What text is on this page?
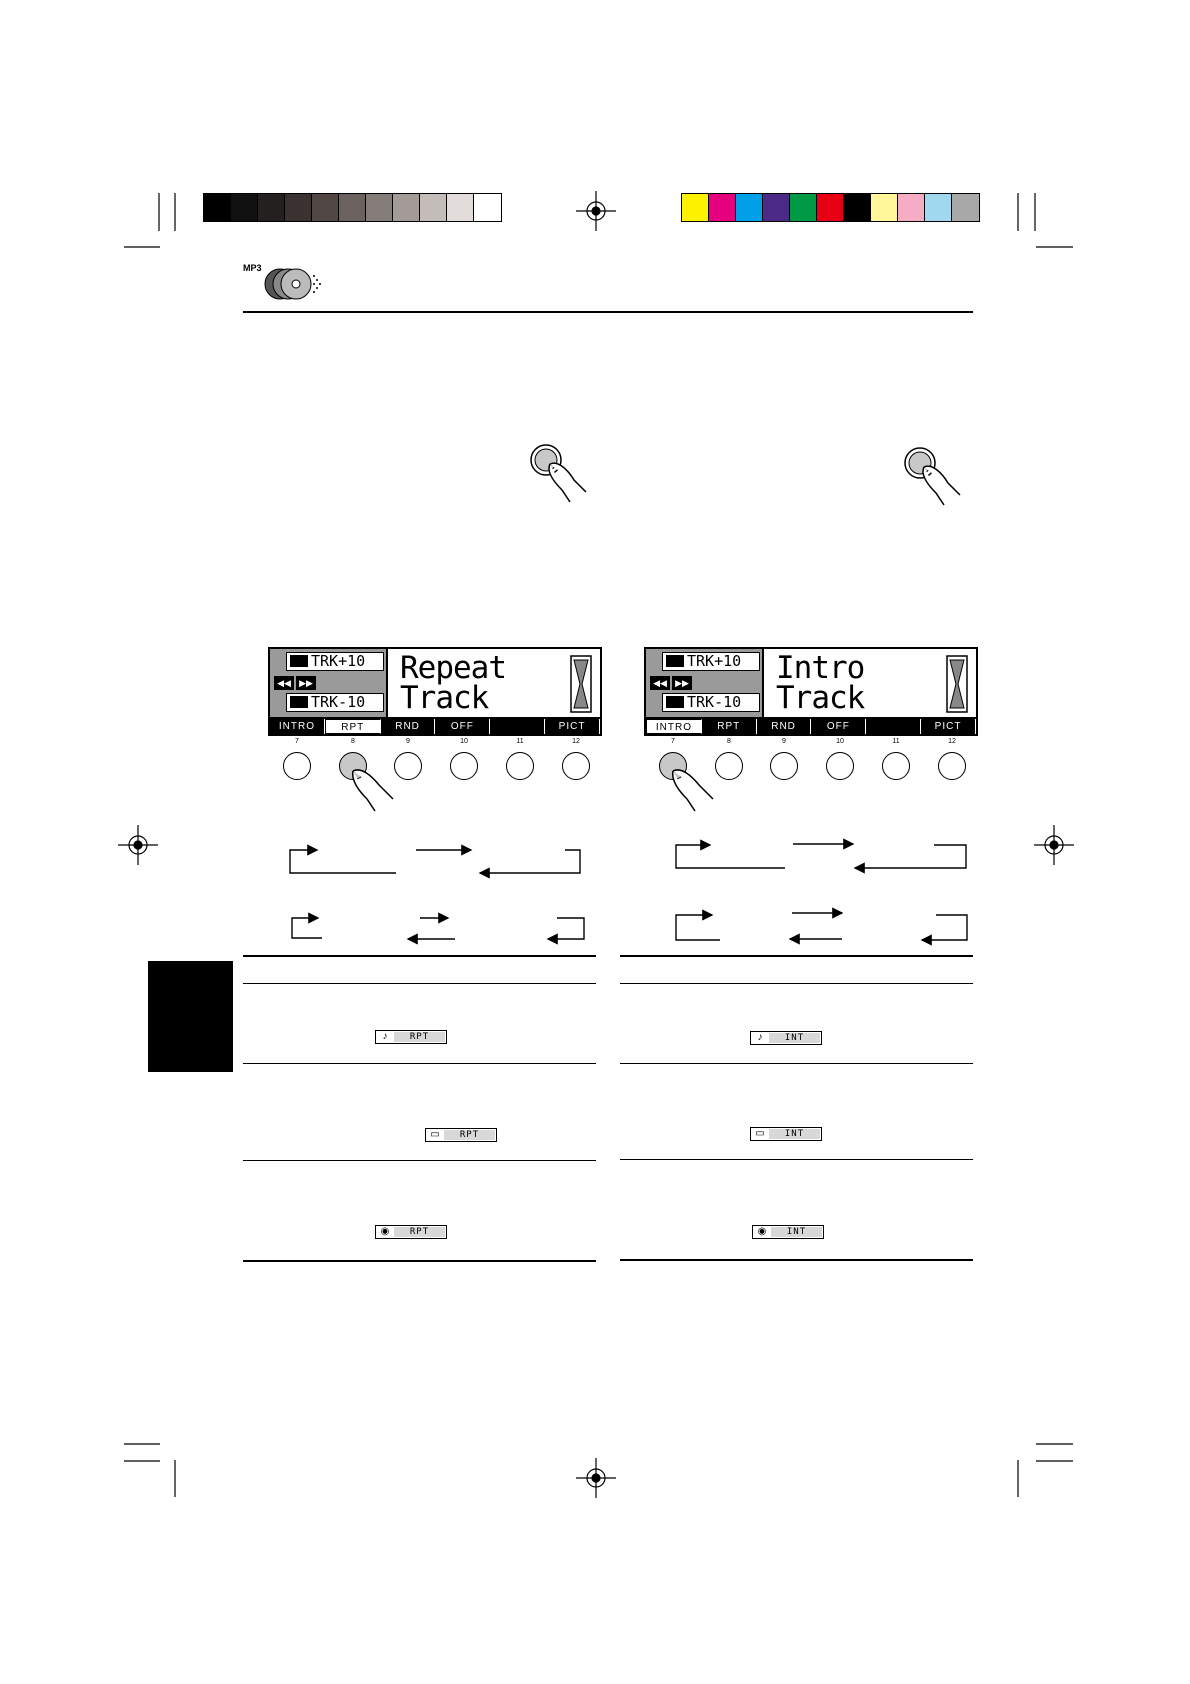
MP3
TRK+10
◀◀ ▶▶
TRK-10
Repeat
Track
INTRO	RPT	RND	OFF	PICT
TRK+10
◀◀ ▶▶
TRK-10
Intro
Track
INTRO	RPT	RND	OFF	PICT
♪	RPT
▭	RPT
◉	RPT
♪	INT
▭	INT
◉	INT
7	8	9	10	11	12	7	8	9	10	11	12
